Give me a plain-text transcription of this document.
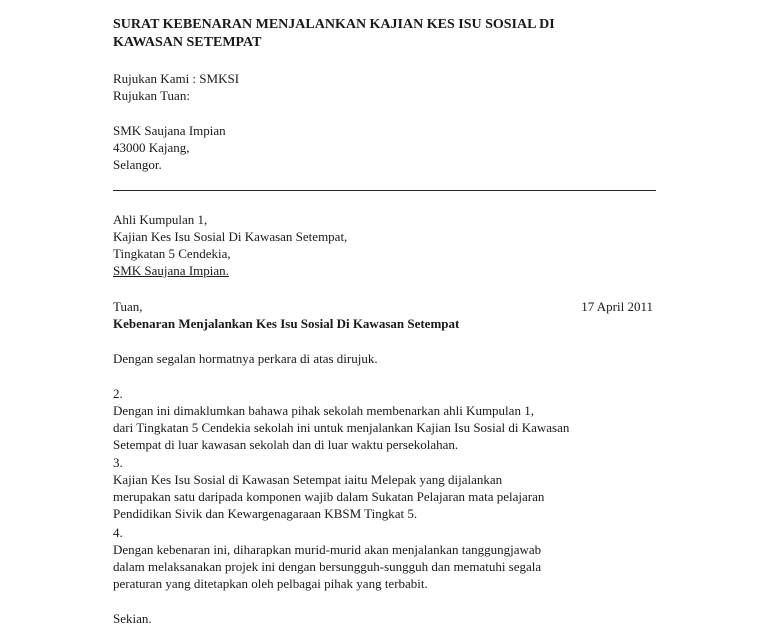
SURAT KEBENARAN MENJALANKAN KAJIAN KES ISU SOSIAL DI
KAWASAN SETEMPAT
Rujukan Kami : SMKSI
Rujukan Tuan:
SMK Saujana Impian
43000 Kajang,
Selangor.
Ahli Kumpulan 1,
Kajian Kes Isu Sosial Di Kawasan Setempat,
Tingkatan 5 Cendekia,
SMK Saujana Impian.
Tuan,	17 April 2011
Kebenaran Menjalankan Kes Isu Sosial Di Kawasan Setempat
Dengan segalan hormatnya perkara di atas dirujuk.
2.
Dengan ini dimaklumkan bahawa pihak sekolah membenarkan ahli Kumpulan 1,
dari Tingkatan 5 Cendekia sekolah ini untuk menjalankan Kajian Isu Sosial di Kawasan
Setempat di luar kawasan sekolah dan di luar waktu persekolahan.
3.
Kajian Kes Isu Sosial di Kawasan Setempat iaitu Melepak yang dijalankan
merupakan satu daripada komponen wajib dalam Sukatan Pelajaran mata pelajaran
Pendidikan Sivik dan Kewargenagaraan KBSM Tingkat 5.
4.
Dengan kebenaran ini, diharapkan murid-murid akan menjalankan tanggungjawab
dalam melaksanakan projek ini dengan bersungguh-sungguh dan mematuhi segala
peraturan yang ditetapkan oleh pelbagai pihak yang terbabit.
Sekian.
